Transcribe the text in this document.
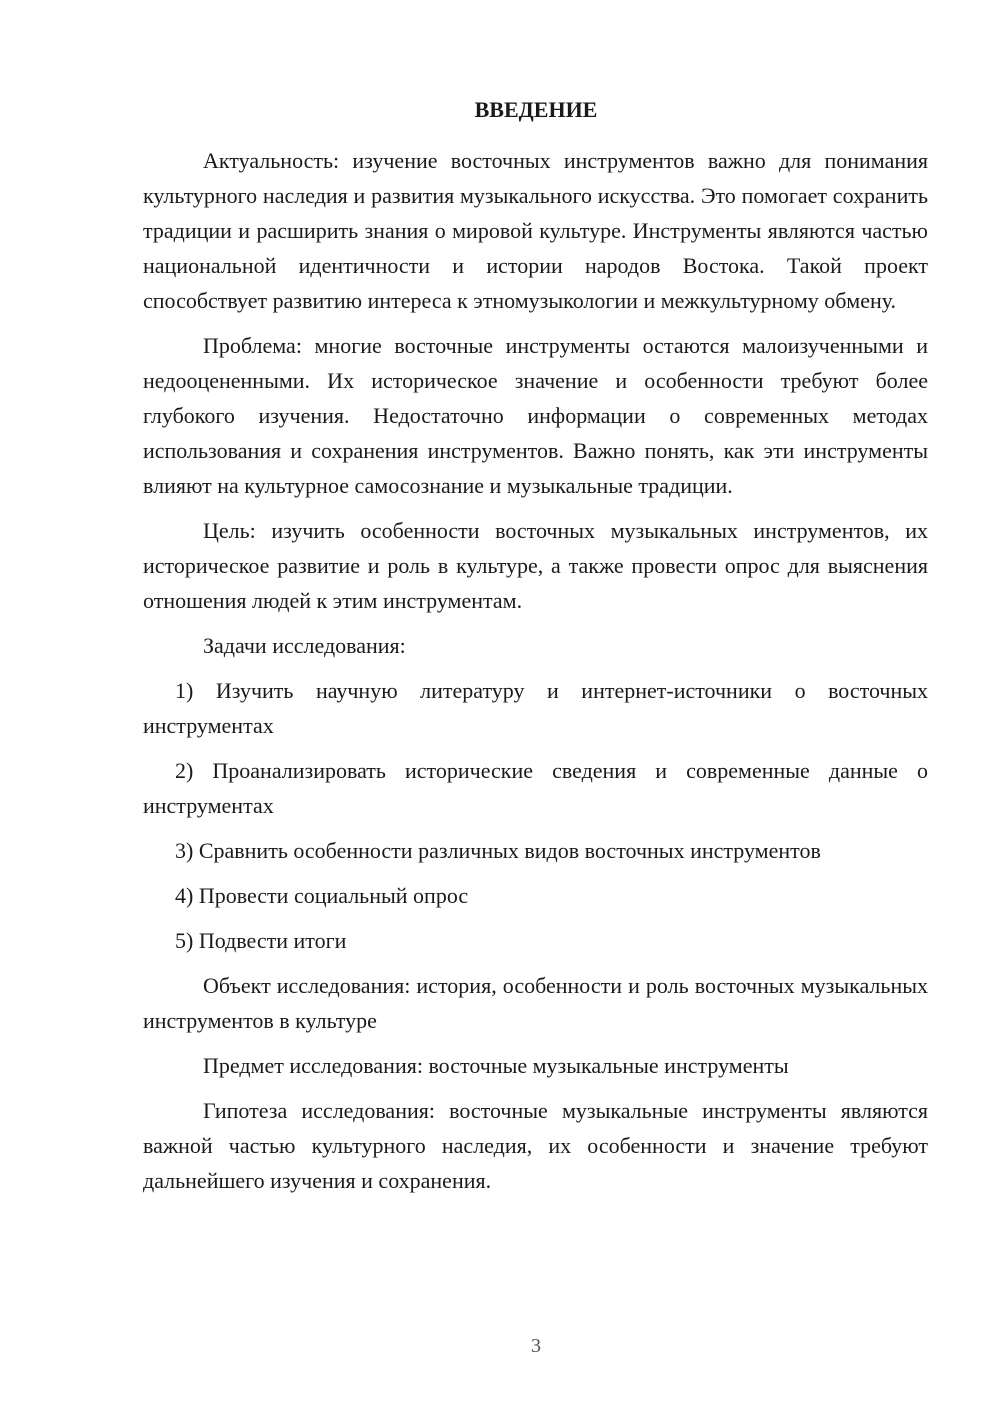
ВВЕДЕНИЕ

Актуальность: изучение восточных инструментов важно для понимания культурного наследия и развития музыкального искусства. Это помогает сохранить традиции и расширить знания о мировой культуре. Инструменты являются частью национальной идентичности и истории народов Востока. Такой проект способствует развитию интереса к этномузыкологии и межкультурному обмену.

Проблема: многие восточные инструменты остаются малоизученными и недооцененными. Их историческое значение и особенности требуют более глубокого изучения. Недостаточно информации о современных методах использования и сохранения инструментов. Важно понять, как эти инструменты влияют на культурное самосознание и музыкальные традиции.

Цель: изучить особенности восточных музыкальных инструментов, их историческое развитие и роль в культуре, а также провести опрос для выяснения отношения людей к этим инструментам.

Задачи исследования:

1) Изучить научную литературу и интернет-источники о восточных инструментах

2) Проанализировать исторические сведения и современные данные о инструментах

3) Сравнить особенности различных видов восточных инструментов

4) Провести социальный опрос

5) Подвести итоги

Объект исследования: история, особенности и роль восточных музыкальных инструментов в культуре

Предмет исследования: восточные музыкальные инструменты

Гипотеза исследования: восточные музыкальные инструменты являются важной частью культурного наследия, их особенности и значение требуют дальнейшего изучения и сохранения.

3
